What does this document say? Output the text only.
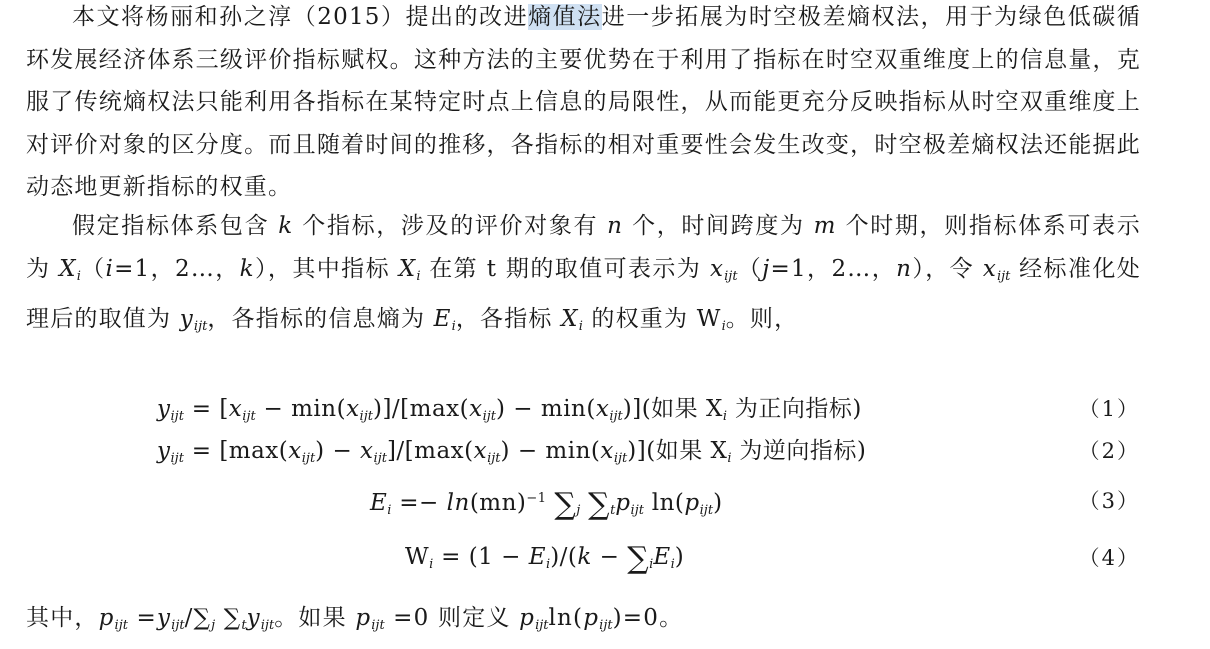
本文将杨丽和孙之淳（2015）提出的改进熵值法进一步拓展为时空极差熵权法，用于为绿色低碳循环发展经济体系三级评价指标赋权。这种方法的主要优势在于利用了指标在时空双重维度上的信息量，克服了传统熵权法只能利用各指标在某特定时点上信息的局限性，从而能更充分反映指标从时空双重维度上对评价对象的区分度。而且随着时间的推移，各指标的相对重要性会发生改变，时空极差熵权法还能据此动态地更新指标的权重。
假定指标体系包含 k 个指标，涉及的评价对象有 n 个，时间跨度为 m 个时期，则指标体系可表示为 $X_i(i=1$，2…，k），其中指标 $X_i$ 在第 t 期的取值可表示为 $x_{ijt}(j=1$，2…，n），令 $x_{ijt}$ 经标准化处理后的取值为 $y_{ijt}$，各指标的信息熵为 $E_i$，各指标 $X_i$ 的权重为 $W_i$。则，
$y_{ijt} = [x_{ijt} - \min(x_{ijt})]/[\max(x_{ijt}) - \min(x_{ijt})]$(如果 $X_i$ 为正向指标)	（1）
$y_{ijt} = [\max(x_{ijt}) - x_{ijt}]/[\max(x_{ijt}) - \min(x_{ijt})]$(如果 $X_i$ 为逆向指标)	（2）
$E_i =- \ln(mn)^{-1}$ $\sum_j$ $\sum_tp_{ijt}$ $\ln(p_{ijt})$	（3）
$W_i = (1 - E_i)/(k - \sum_iE_i)$	（4）
其中，$p_{ijt} =y_{ijt}/\sum_j$ $\sum_ty_{ijt}$。如果 $p_{ijt} =0$ 则定义 $p_{ijt}\ln(p_{ijt})=0$。
